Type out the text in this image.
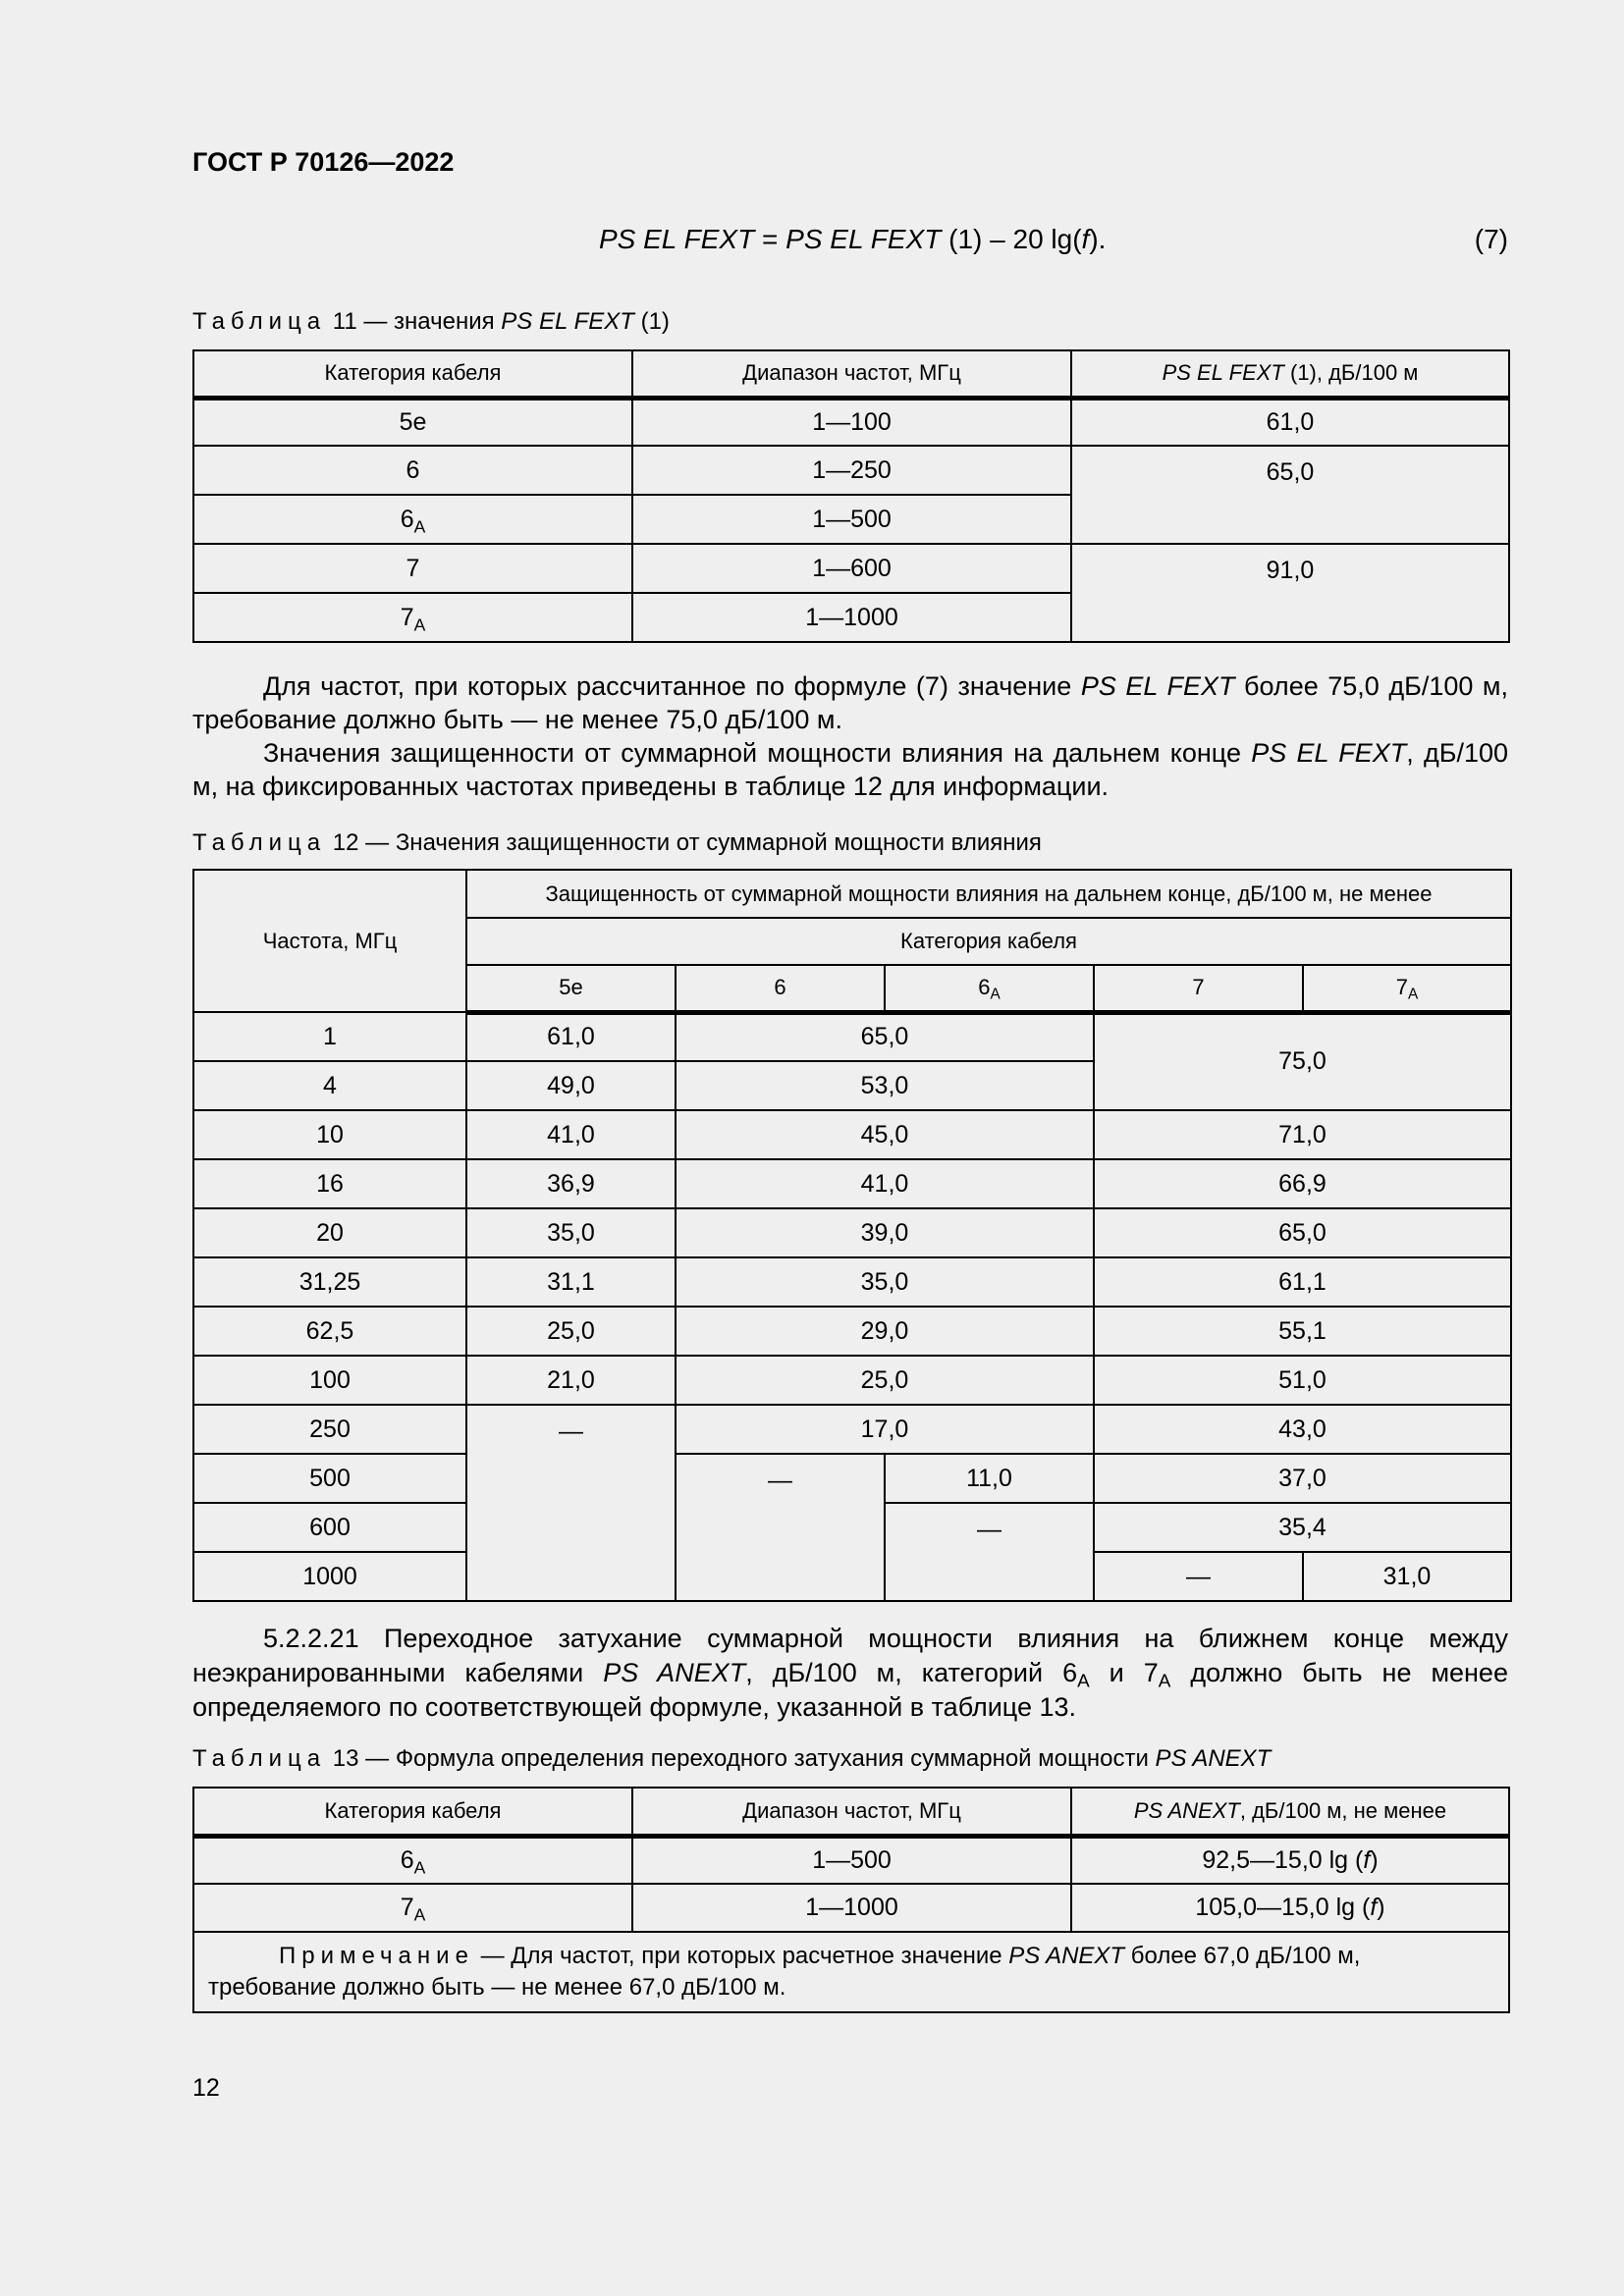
ГОСТ Р 70126—2022
PS EL FEXT = PS EL FEXT (1) – 20 lg(f).	(7)
Таблица 11 — значения PS EL FEXT (1)
Категория кабеля	Диапазон частот, МГц	PS EL FEXT (1), дБ/100 м
5e	1—100	61,0
6	1—250	65,0
$6_A$	1—500	
7	1—600	91,0
$7_A$	1—1000	
Для частот, при которых рассчитанное по формуле (7) значение PS EL FEXT более 75,0 дБ/100 м, требование должно быть — не менее 75,0 дБ/100 м.
Значения защищенности от суммарной мощности влияния на дальнем конце PS EL FEXT, дБ/100 м, на фиксированных частотах приведены в таблице 12 для информации.
Таблица 12 — Значения защищенности от суммарной мощности влияния
Частота, МГц	Защищенность от суммарной мощности влияния на дальнем конце, дБ/100 м, не менее				
	Категория кабеля				
	5e	6	$6_A$	7	$7_A$
1	61,0	65,0		75,0	
4	49,0	53,0			
10	41,0	45,0		71,0	
16	36,9	41,0		66,9	
20	35,0	39,0		65,0	
31,25	31,1	35,0		61,1	
62,5	25,0	29,0		55,1	
100	21,0	25,0		51,0	
250	—	17,0		43,0	
500		—	11,0	37,0	
600			—	35,4	
1000				—	31,0
5.2.2.21 Переходное затухание суммарной мощности влияния на ближнем конце между неэкранированными кабелями PS ANEXT, дБ/100 м, категорий $6_A$ и $7_A$ должно быть не менее определяемого по соответствующей формуле, указанной в таблице 13.
Таблица 13 — Формула определения переходного затухания суммарной мощности PS ANEXT
Категория кабеля	Диапазон частот, МГц	PS ANEXT, дБ/100 м, не менее
$6_A$	1—500	92,5—15,0 lg (f)
$7_A$	1—1000	105,0—15,0 lg (f)
Примечание — Для частот, при которых расчетное значение PS ANEXT более 67,0 дБ/100 м, требование должно быть — не менее 67,0 дБ/100 м.		
12
